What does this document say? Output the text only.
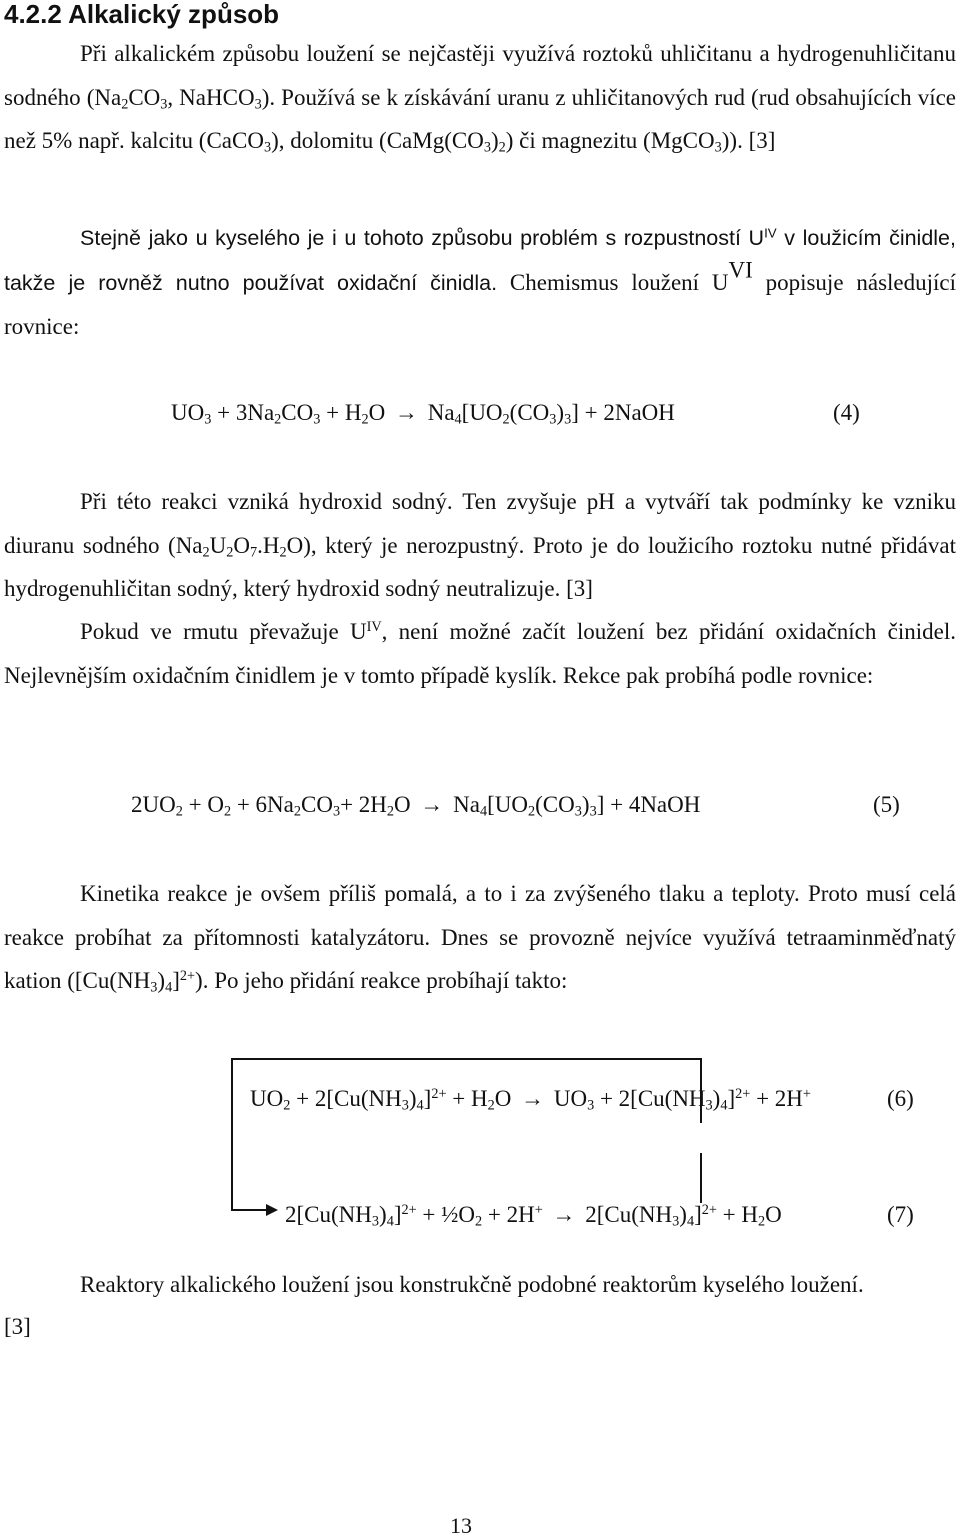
4.2.2 Alkalický způsob

Při alkalickém způsobu loužení se nejčastěji využívá roztoků uhličitanu a hydrogenuhličitanu sodného ($Na_2CO_3$, NaHCO$_3$). Používá se k získávání uranu z uhličitanových rud (rud obsahujících více než 5% např. kalcitu (CaCO$_3$), dolomitu $(CaMg(CO_3)_2)$ či magnezitu (MgCO$_3$)). [3]

Stejně jako u kyselého je i u tohoto způsobu problém s rozpustností $U^{IV}$ v loužicím činidle, takže je rovněž nutno používat oxidační činidla. Chemismus loužení $U^{VI}$ popisuje následující rovnice:

$UO_3 + 3Na_2CO_3 + H_2O \to Na_4[UO_2(CO_3)_3]$ + 2NaOH	(4)

Při této reakci vzniká hydroxid sodný. Ten zvyšuje pH a vytváří tak podmínky ke vzniku diuranu sodného $(Na_2U_2O_7.H_2O)$, který je nerozpustný. Proto je do loužicího roztoku nutné přidávat hydrogenuhličitan sodný, který hydroxid sodný neutralizuje. [3]

Pokud ve rmutu převažuje $U^{IV}$, není možné začít loužení bez přidání oxidačních činidel. Nejlevnějším oxidačním činidlem je v tomto případě kyslík. Rekce pak probíhá podle rovnice:

$2UO_2 + O_2 + 6Na_2CO_3+ 2H_2O \to Na_4[UO_2(CO_3)_3]$ + 4NaOH	(5)

Kinetika reakce je ovšem příliš pomalá, a to i za zvýšeného tlaku a teploty. Proto musí celá reakce probíhat za přítomnosti katalyzátoru. Dnes se provozně nejvíce využívá tetraaminměďnatý kation $([Cu(NH_3)_4]^{2+})$. Po jeho přidání reakce probíhají takto:

$UO_2 + 2[Cu(NH_3)_4]^{2+} + H_2O \to UO_3 + 2[Cu(NH_3)_4]^{2+} + 2H^+$	(6)
$2[Cu(NH_3)_4]^{2+}$ + $\frac{1}{2}O_2 + 2H^+ \to 2[Cu(NH_3)_4]^{2+} + H_2O$	(7)

Reaktory alkalického loužení jsou konstrukčně podobné reaktorům kyselého loužení.

[3]
13
